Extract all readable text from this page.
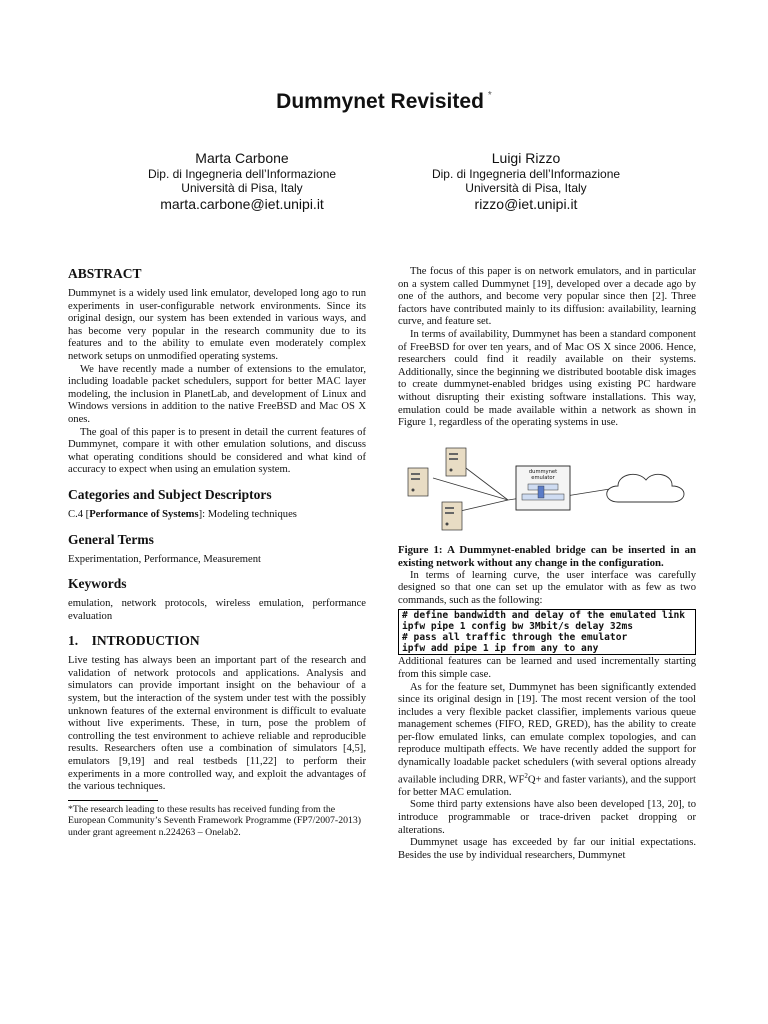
Dummynet Revisited *
Marta Carbone
Dip. di Ingegneria dell’Informazione
Università di Pisa, Italy
marta.carbone@iet.unipi.it
Luigi Rizzo
Dip. di Ingegneria dell’Informazione
Università di Pisa, Italy
rizzo@iet.unipi.it
ABSTRACT

Dummynet is a widely used link emulator, developed long ago to run experiments in user-configurable network environments. Since its original design, our system has been extended in various ways, and has become very popular in the research community due to its features and to the ability to emulate even moderately complex network setups on unmodified operating systems.

We have recently made a number of extensions to the emulator, including loadable packet schedulers, support for better MAC layer modeling, the inclusion in PlanetLab, and development of Linux and Windows versions in addition to the native FreeBSD and Mac OS X ones.

The goal of this paper is to present in detail the current features of Dummynet, compare it with other emulation solutions, and discuss what operating conditions should be considered and what kind of accuracy to expect when using an emulation system.

Categories and Subject Descriptors

C.4 [Performance of Systems]: Modeling techniques

General Terms

Experimentation, Performance, Measurement

Keywords

emulation, network protocols, wireless emulation, performance evaluation

1.    INTRODUCTION

Live testing has always been an important part of the research and validation of network protocols and applications. Analysis and simulators can provide important insight on the behaviour of a system, but the interaction of the system under test with the possibly unknown features of the external environment is difficult to evaluate without live experiments. These, in turn, pose the problem of controlling the test environment to achieve reliable and reproducible results. Researchers often use a combination of simulators [4,5], emulators [9,19] and real testbeds [11,22] to perform their experiments in a more controlled way, and exploit the advantages of the various techniques.

*The research leading to these results has received funding from the European Community’s Seventh Framework Programme (FP7/2007-2013) under grant agreement n.224263 – Onelab2.

The focus of this paper is on network emulators, and in particular on a system called Dummynet [19], developed over a decade ago by one of the authors, and become very popular since then [2]. Three factors have contributed mainly to its diffusion: availability, learning curve, and feature set.

In terms of availability, Dummynet has been a standard component of FreeBSD for over ten years, and of Mac OS X since 2006. Hence, researchers could find it readily available on their systems. Additionally, since the beginning we distributed bootable disk images to create dummynet-enabled bridges using existing PC hardware without disrupting their existing software installations. This way, emulation could be made available within a network as shown in Figure 1, regardless of the operating systems in use.

dummynet
emulator

Figure 1: A Dummynet-enabled bridge can be inserted in an existing network without any change in the configuration.

In terms of learning curve, the user interface was carefully designed so that one can set up the emulator with as few as two commands, such as the following:

# define bandwidth and delay of the emulated link
ipfw pipe 1 config bw 3Mbit/s delay 32ms
# pass all traffic through the emulator
ipfw add pipe 1 ip from any to any

Additional features can be learned and used incrementally starting from this simple case.

As for the feature set, Dummynet has been significantly extended since its original design in [19]. The most recent version of the tool includes a very flexible packet classifier, implements various queue management schemes (FIFO, RED, GRED), has the ability to create per-flow emulated links, can emulate complex topologies, and can reproduce multipath effects. We have recently added the support for dynamically loadable packet schedulers (with several options already available including DRR, $WF^2Q+$ and faster variants), and the support for better MAC emulation.

Some third party extensions have also been developed [13, 20], to introduce programmable or trace-driven packet dropping or alterations.

Dummynet usage has exceeded by far our initial expectations. Besides the use by individual researchers, Dummynet
